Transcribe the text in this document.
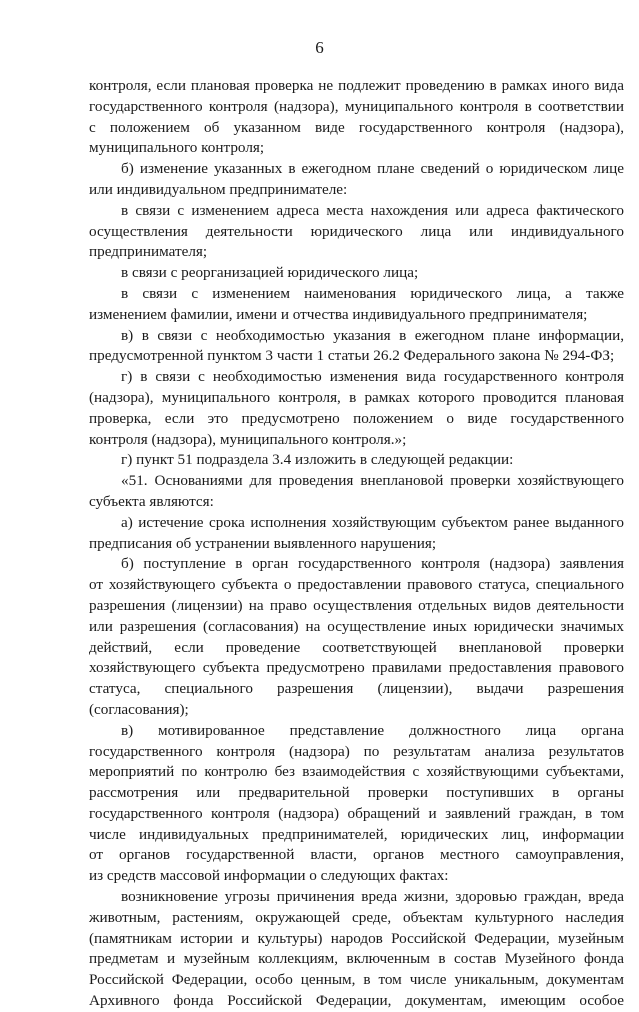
6
контроля, если плановая проверка не подлежит проведению в рамках иного вида
государственного контроля (надзора), муниципального контроля в соответствии
с положением об указанном виде государственного контроля (надзора),
муниципального контроля;
б) изменение указанных в ежегодном плане сведений о юридическом лице
или индивидуальном предпринимателе:
в связи с изменением адреса места нахождения или адреса фактического
осуществления деятельности юридического лица или индивидуального
предпринимателя;
в связи с реорганизацией юридического лица;
в связи с изменением наименования юридического лица, а также
изменением фамилии, имени и отчества индивидуального предпринимателя;
в) в связи с необходимостью указания в ежегодном плане информации,
предусмотренной пунктом 3 части 1 статьи 26.2 Федерального закона № 294-ФЗ;
г) в связи с необходимостью изменения вида государственного контроля
(надзора), муниципального контроля, в рамках которого проводится плановая
проверка, если это предусмотрено положением о виде государственного
контроля (надзора), муниципального контроля.»;
г) пункт 51 подраздела 3.4 изложить в следующей редакции:
«51. Основаниями для проведения внеплановой проверки хозяйствующего
субъекта являются:
а) истечение срока исполнения хозяйствующим субъектом ранее выданного
предписания об устранении выявленного нарушения;
б) поступление в орган государственного контроля (надзора) заявления
от хозяйствующего субъекта о предоставлении правового статуса, специального
разрешения (лицензии) на право осуществления отдельных видов деятельности
или разрешения (согласования) на осуществление иных юридически значимых
действий, если проведение соответствующей внеплановой проверки
хозяйствующего субъекта предусмотрено правилами предоставления правового
статуса, специального разрешения (лицензии), выдачи разрешения
(согласования);
в) мотивированное представление должностного лица органа
государственного контроля (надзора) по результатам анализа результатов
мероприятий по контролю без взаимодействия с хозяйствующими субъектами,
рассмотрения или предварительной проверки поступивших в органы
государственного контроля (надзора) обращений и заявлений граждан, в том
числе индивидуальных предпринимателей, юридических лиц, информации
от органов государственной власти, органов местного самоуправления,
из средств массовой информации о следующих фактах:
возникновение угрозы причинения вреда жизни, здоровью граждан, вреда
животным, растениям, окружающей среде, объектам культурного наследия
(памятникам истории и культуры) народов Российской Федерации, музейным
предметам и музейным коллекциям, включенным в состав Музейного фонда
Российской Федерации, особо ценным, в том числе уникальным, документам
Архивного фонда Российской Федерации, документам, имеющим особое
